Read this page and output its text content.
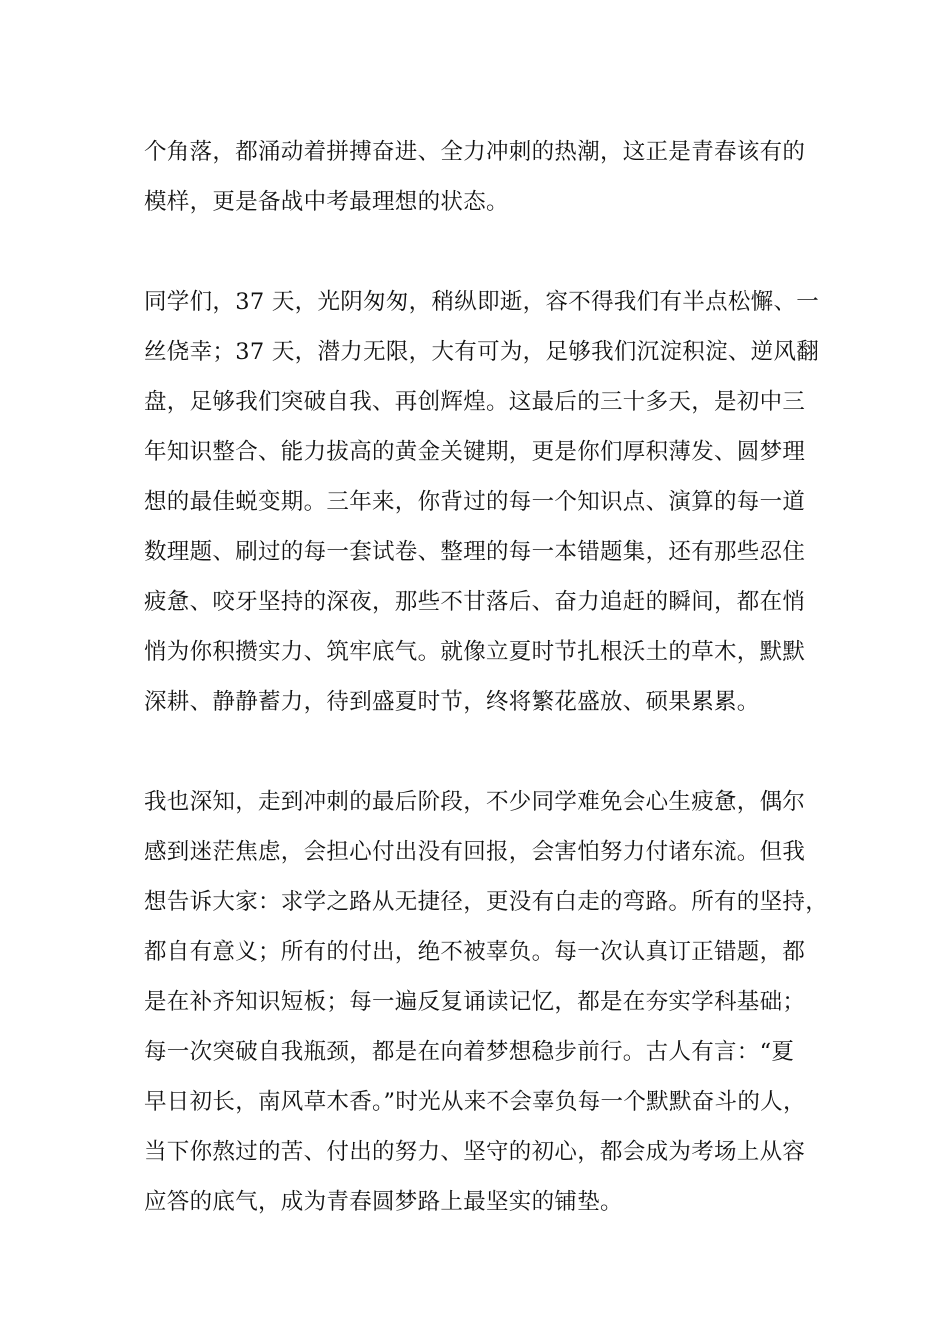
个角落，都涌动着拼搏奋进、全力冲刺的热潮，这正是青春该有的
模样，更是备战中考最理想的状态。
同学们，37 天，光阴匆匆，稍纵即逝，容不得我们有半点松懈、一
丝侥幸；37 天，潜力无限，大有可为，足够我们沉淀积淀、逆风翻
盘，足够我们突破自我、再创辉煌。这最后的三十多天，是初中三
年知识整合、能力拔高的黄金关键期，更是你们厚积薄发、圆梦理
想的最佳蜕变期。三年来，你背过的每一个知识点、演算的每一道
数理题、刷过的每一套试卷、整理的每一本错题集，还有那些忍住
疲惫、咬牙坚持的深夜，那些不甘落后、奋力追赶的瞬间，都在悄
悄为你积攒实力、筑牢底气。就像立夏时节扎根沃土的草木，默默
深耕、静静蓄力，待到盛夏时节，终将繁花盛放、硕果累累。
我也深知，走到冲刺的最后阶段，不少同学难免会心生疲惫，偶尔
感到迷茫焦虑，会担心付出没有回报，会害怕努力付诸东流。但我
想告诉大家：求学之路从无捷径，更没有白走的弯路。所有的坚持，
都自有意义；所有的付出，绝不被辜负。每一次认真订正错题，都
是在补齐知识短板；每一遍反复诵读记忆，都是在夯实学科基础；
每一次突破自我瓶颈，都是在向着梦想稳步前行。古人有言：“夏
早日初长，南风草木香。”时光从来不会辜负每一个默默奋斗的人，
当下你熬过的苦、付出的努力、坚守的初心，都会成为考场上从容
应答的底气，成为青春圆梦路上最坚实的铺垫。
